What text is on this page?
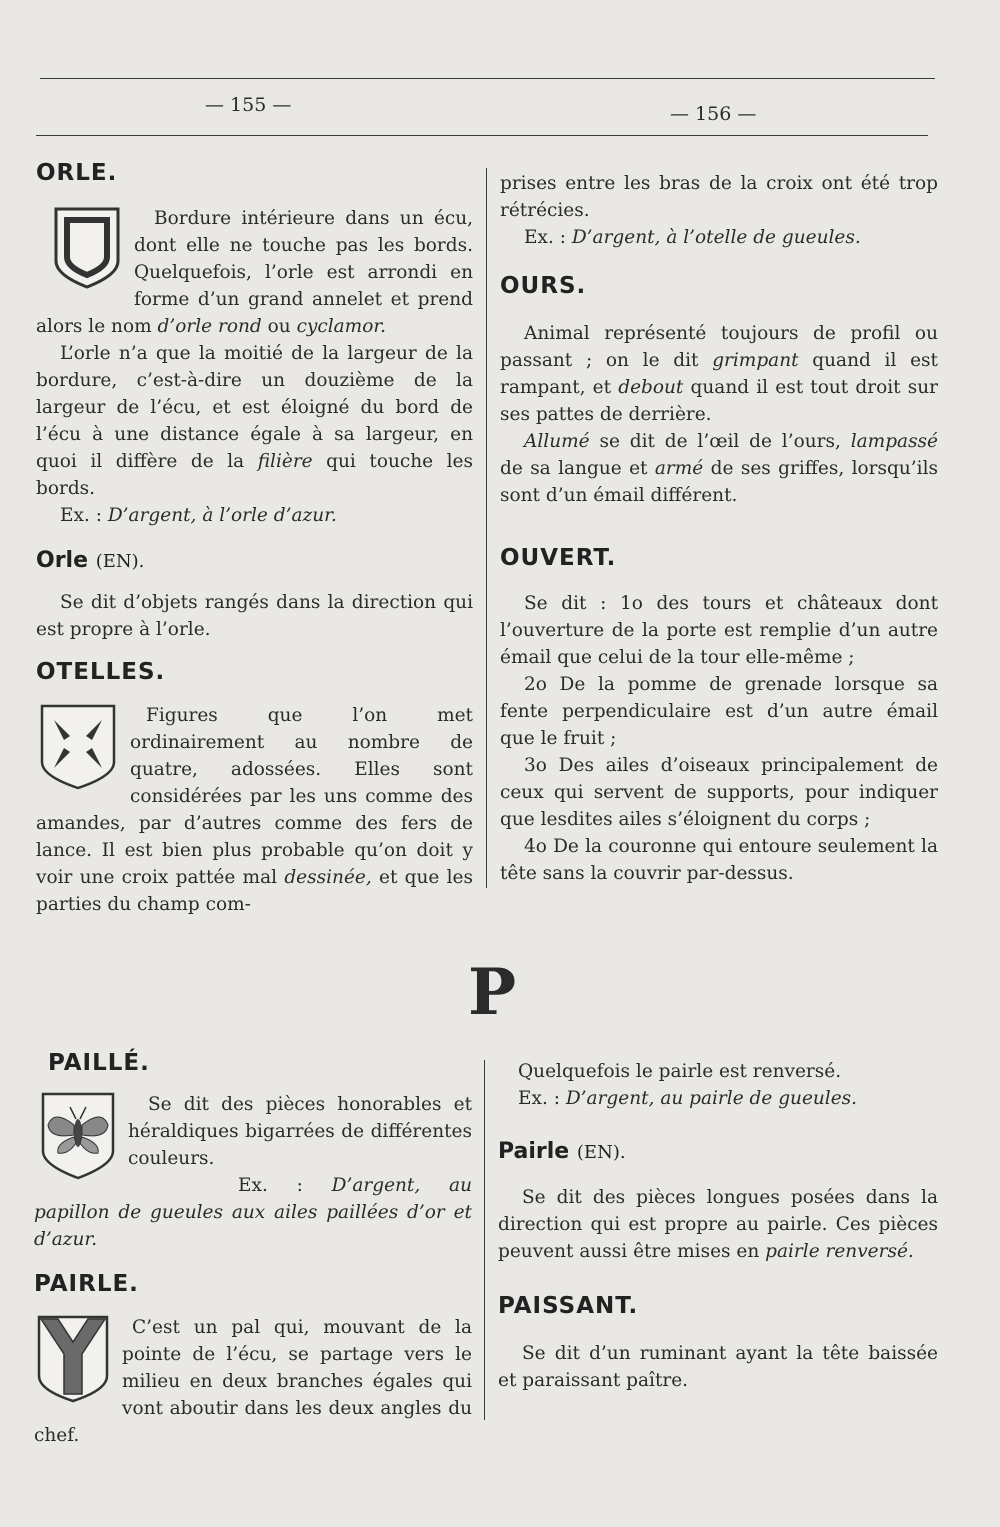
— 155 —	— 156 —
ORLE.

Bordure intérieure dans un écu, dont elle ne touche pas les bords. Quelquefois, l’orle est arrondi en forme d’un grand annelet et prend alors le nom d’orle rond ou cyclamor.

L’orle n’a que la moitié de la largeur de la bordure, c’est-à-dire un douzième de la largeur de l’écu, et est éloigné du bord de l’écu à une distance égale à sa largeur, en quoi il diffère de la filière qui touche les bords.

Ex. : D’argent, à l’orle d’azur.

Orle (EN).

Se dit d’objets rangés dans la direction qui est propre à l’orle.

OTELLES.

Figures que l’on met ordinairement au nombre de quatre, adossées. Elles sont considérées par les uns comme des amandes, par d’autres comme des fers de lance. Il est bien plus probable qu’on doit y voir une croix pattée mal dessinée, et que les parties du champ com-

prises entre les bras de la croix ont été trop rétrécies.

Ex. : D’argent, à l’otelle de gueules.

OURS.

Animal représenté toujours de profil ou passant ; on le dit grimpant quand il est rampant, et debout quand il est tout droit sur ses pattes de derrière.

Allumé se dit de l’œil de l’ours, lampassé de sa langue et armé de ses griffes, lorsqu’ils sont d’un émail différent.

OUVERT.

Se dit : 1o des tours et châteaux dont l’ouverture de la porte est remplie d’un autre émail que celui de la tour elle-même ;

2o De la pomme de grenade lorsque sa fente perpendiculaire est d’un autre émail que le fruit ;

3o Des ailes d’oiseaux principalement de ceux qui servent de supports, pour indiquer que lesdites ailes s’éloignent du corps ;

4o De la couronne qui entoure seulement la tête sans la couvrir par-dessus.

P
PAILLÉ.

Se dit des pièces honorables et héraldiques bigarrées de différentes couleurs.

Ex. : D’argent, au papillon de gueules aux ailes paillées d’or et d’azur.

PAIRLE.

C’est un pal qui, mouvant de la pointe de l’écu, se partage vers le milieu en deux branches égales qui vont aboutir dans les deux angles du chef.

Quelquefois le pairle est renversé.

Ex. : D’argent, au pairle de gueules.

Pairle (EN).

Se dit des pièces longues posées dans la direction qui est propre au pairle. Ces pièces peuvent aussi être mises en pairle renversé.

PAISSANT.

Se dit d’un ruminant ayant la tête baissée et paraissant paître.
